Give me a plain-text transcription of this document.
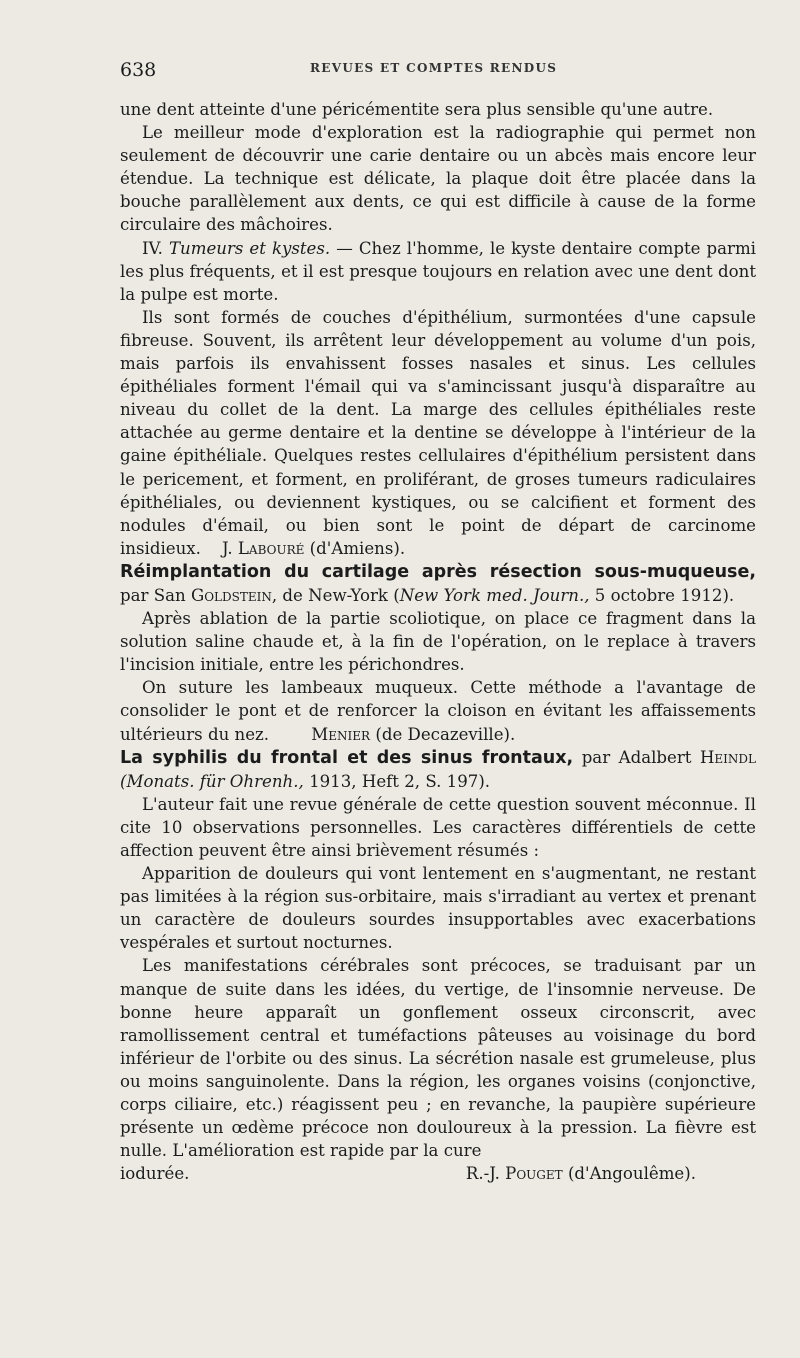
638	REVUES ET COMPTES RENDUS

une dent atteinte d'une péricémentite sera plus sensible qu'une autre.

Le meilleur mode d'exploration est la radiographie qui permet non seulement de découvrir une carie dentaire ou un abcès mais encore leur étendue. La technique est délicate, la plaque doit être placée dans la bouche parallèlement aux dents, ce qui est difficile à cause de la forme circulaire des mâchoires.

IV. Tumeurs et kystes. — Chez l'homme, le kyste dentaire compte parmi les plus fréquents, et il est presque toujours en relation avec une dent dont la pulpe est morte.

Ils sont formés de couches d'épithélium, surmontées d'une capsule fibreuse. Souvent, ils arrêtent leur développement au volume d'un pois, mais parfois ils envahissent fosses nasales et sinus. Les cellules épithéliales forment l'émail qui va s'amincissant jusqu'à disparaître au niveau du collet de la dent. La marge des cellules épithéliales reste attachée au germe dentaire et la dentine se développe à l'intérieur de la gaine épithéliale. Quelques restes cellulaires d'épithélium persistent dans le pericement, et forment, en proliférant, de groses tumeurs radiculaires épithéliales, ou deviennent kystiques, ou se calcifient et forment des nodules d'émail, ou bien sont le point de départ de carcinome insidieux. J. Labouré (d'Amiens).

Réimplantation du cartilage après résection sous-muqueuse, par San Goldstein, de New-York (New York med. Journ., 5 octobre 1912).

Après ablation de la partie scoliotique, on place ce fragment dans la solution saline chaude et, à la fin de l'opération, on le replace à travers l'incision initiale, entre les périchondres.

On suture les lambeaux muqueux. Cette méthode a l'avantage de consolider le pont et de renforcer la cloison en évitant les affaissements ultérieurs du nez.	Menier (de Decazeville).

La syphilis du frontal et des sinus frontaux, par Adalbert Heindl (Monats. für Ohrenh., 1913, Heft 2, S. 197).

L'auteur fait une revue générale de cette question souvent méconnue. Il cite 10 observations personnelles. Les caractères différentiels de cette affection peuvent être ainsi brièvement résumés :

Apparition de douleurs qui vont lentement en s'augmentant, ne restant pas limitées à la région sus-orbitaire, mais s'irradiant au vertex et prenant un caractère de douleurs sourdes insupportables avec exacerbations vespérales et surtout nocturnes.

Les manifestations cérébrales sont précoces, se traduisant par un manque de suite dans les idées, du vertige, de l'insomnie nerveuse. De bonne heure apparaît un gonflement osseux circonscrit, avec ramollissement central et tuméfactions pâteuses au voisinage du bord inférieur de l'orbite ou des sinus. La sécrétion nasale est grumeleuse, plus ou moins sanguinolente. Dans la région, les organes voisins (conjonctive, corps ciliaire, etc.) réagissent peu ; en revanche, la paupière supérieure présente un œdème précoce non douloureux à la pression. La fièvre est nulle. L'amélioration est rapide par la cure

iodurée.	R.-J. Pouget (d'Angoulême).
